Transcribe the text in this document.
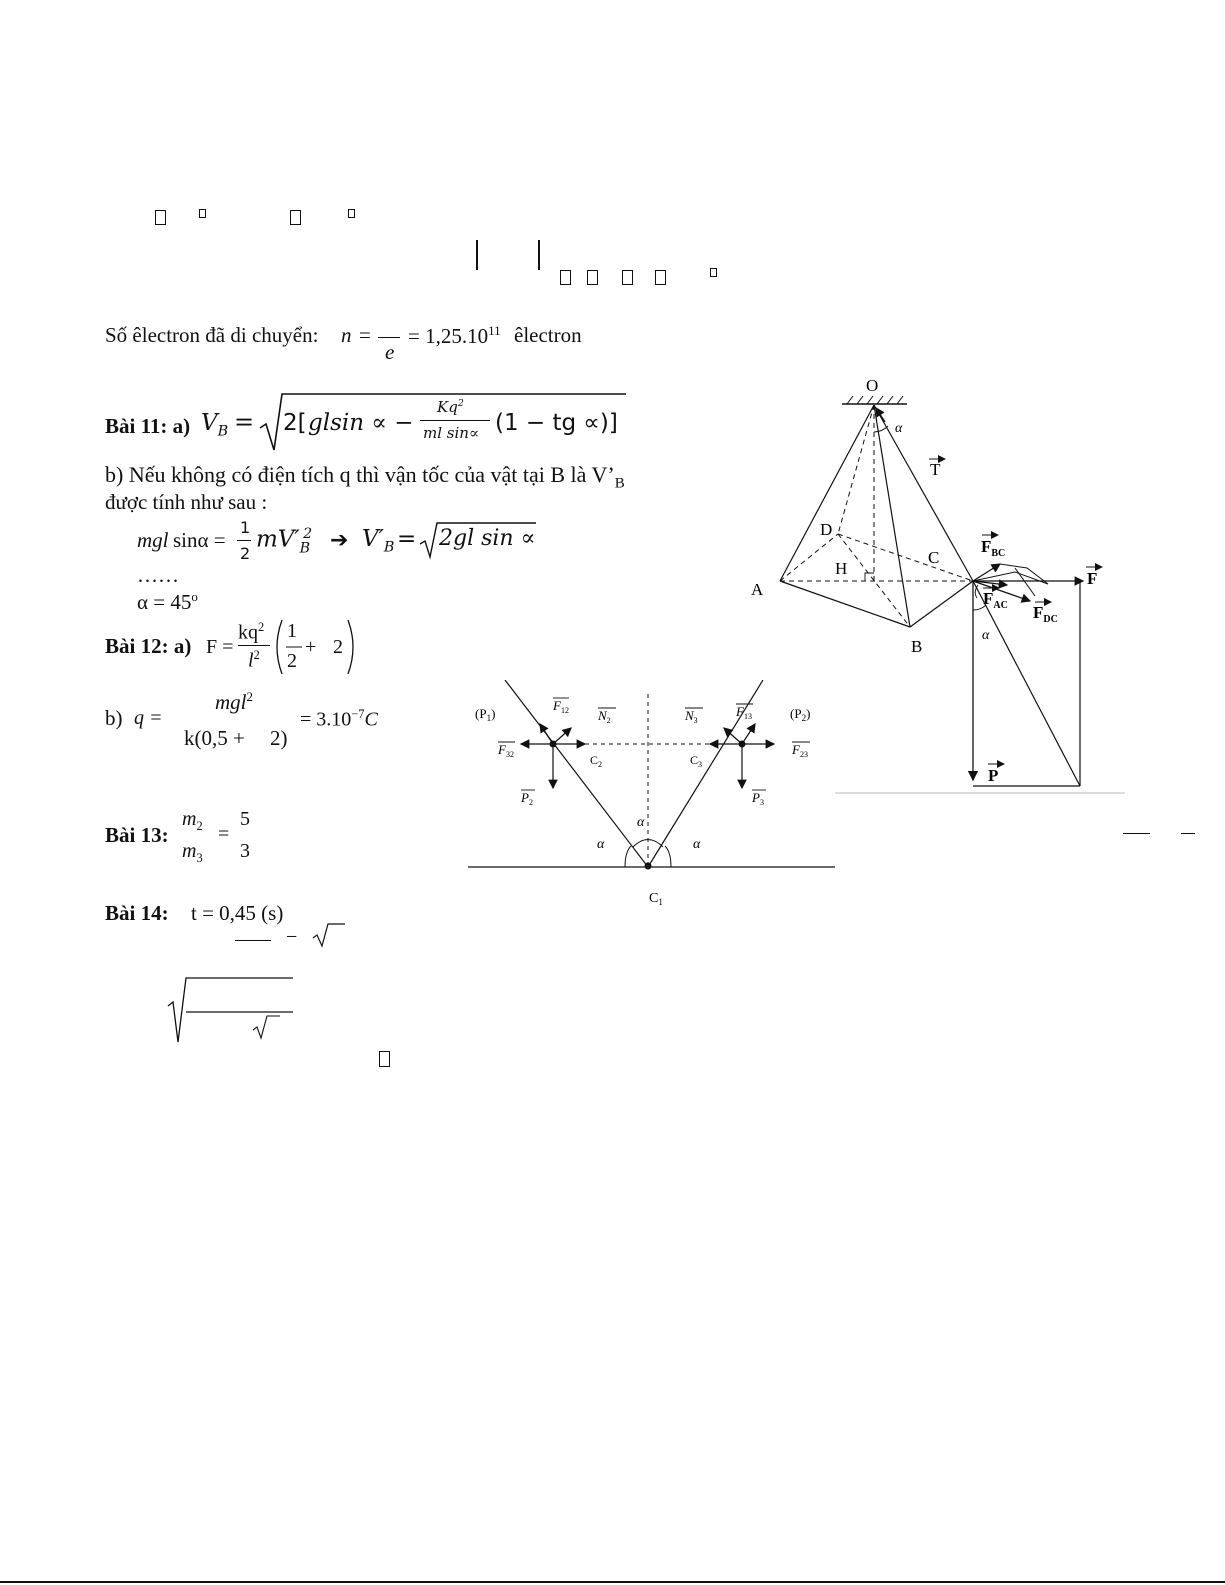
Số êlectron đã di chuyển: n =
e
= $1,25.10^{11}$ êlectron
Bài 11: a) $V_B = 2$[ glsin ∝ −
$Kq^2$
ml sin∝ (1 − tg ∝)]
b) Nếu không có điện tích q thì vận tốc của vật tại B là $V’_B$
được tính như sau :
mgl sinα =
1
2
$mV'_B^2$ ➔ $V'_B = 2gl$ sin ∝
……
$\alpha = 45^o$
Bài 12: a) F =
$kq^2$
$l^2$
1
2
+ 2
b) q =
mgl$^2$
k(0,5 + 2)
= $3.10^{-7}C$
Bài 13:
$m_2$
$m_3$
=
5
3
Bài 14: t = 0,45 (s)
−
$(P_1)$	$(P_2)$
$F_{12}$ $N_2$	$N_3$
$F_{13}$
$F_{32}$	$F_{23}$
$C_2$	$C_3$
$P_2$	$P_3$
α
α	α
$C_1$
O
A
B
C
D
H
T
α
$F_{BC}$
F
$F_{AC}$ $F_{DC}$
α
P
